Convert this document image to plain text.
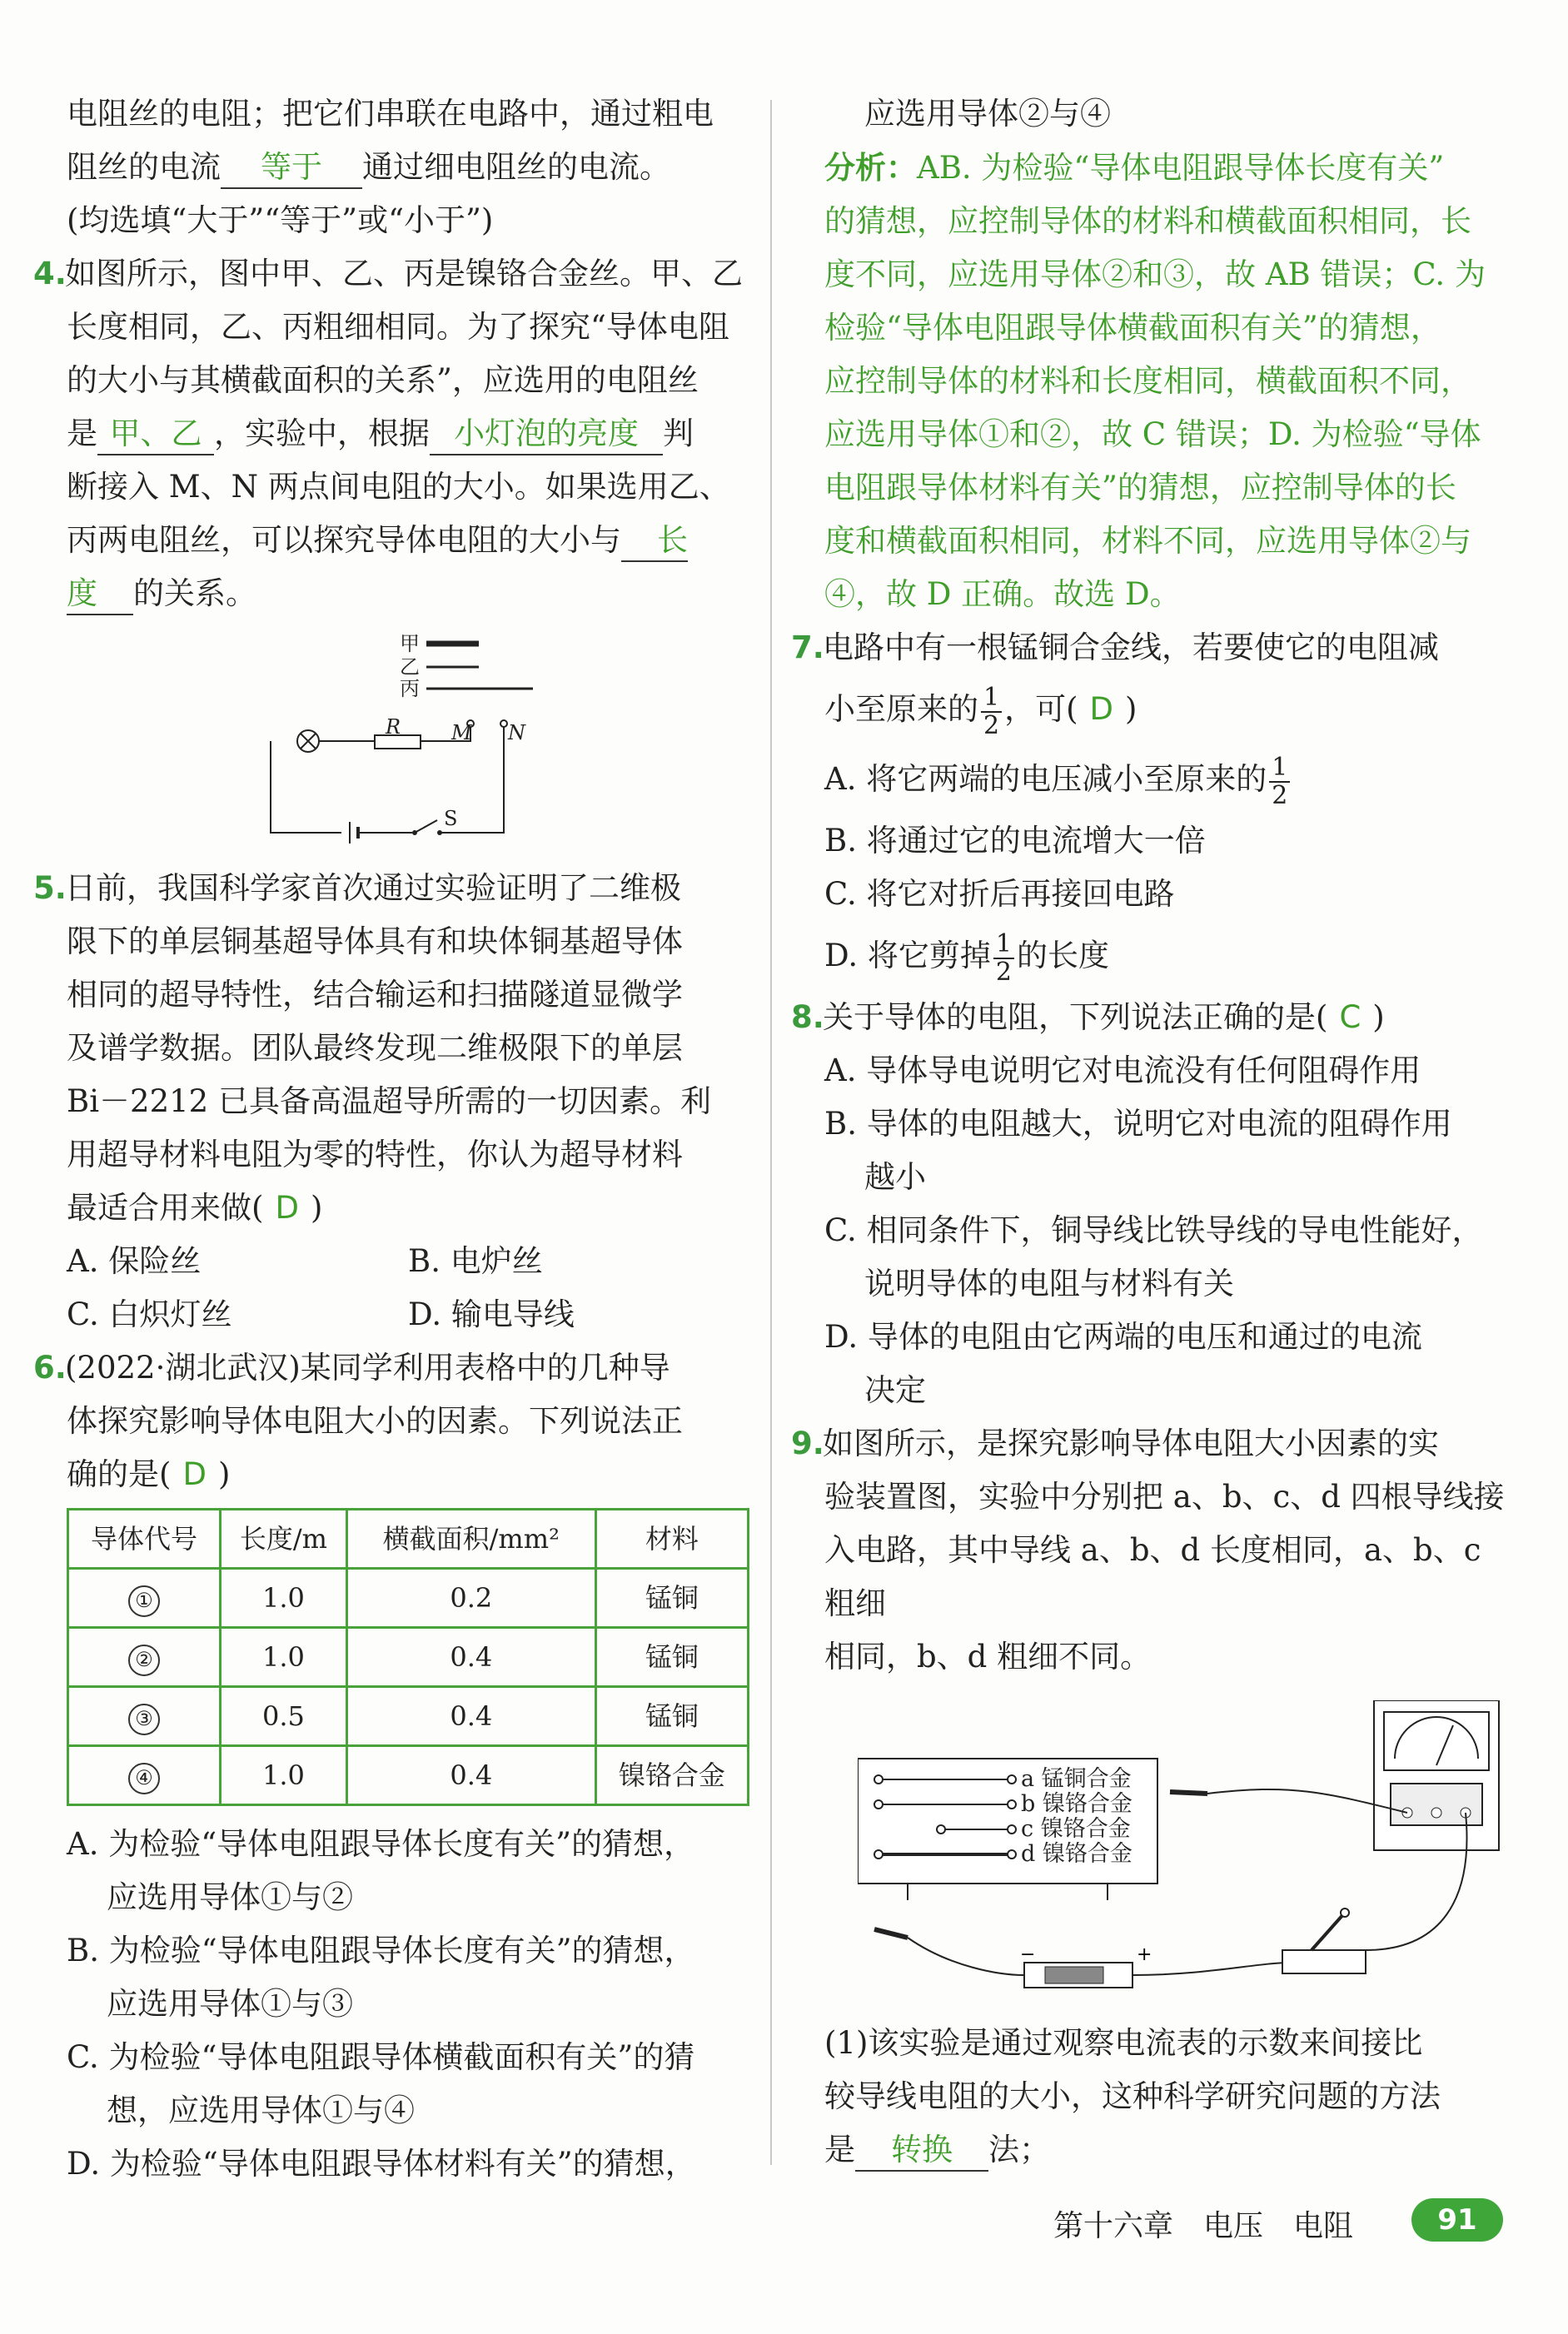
电阻丝的电阻；把它们串联在电路中，通过粗电

阻丝的电流 等于 通过细电阻丝的电流。

(均选填“大于”“等于”或“小于”)

4.如图所示，图中甲、乙、丙是镍铬合金丝。甲、乙

长度相同，乙、丙粗细相同。为了探究“导体电阻

的大小与其横截面积的关系”，应选用的电阻丝

是 甲、乙 ，实验中，根据 小灯泡的亮度 判

断接入 M、N 两点间电阻的大小。如果选用乙、

丙两电阻丝，可以探究导体电阻的大小与 长

度 的关系。

甲
乙
丙
M N
R
S

5.日前，我国科学家首次通过实验证明了二维极

限下的单层铜基超导体具有和块体铜基超导体

相同的超导特性，结合输运和扫描隧道显微学

及谱学数据。团队最终发现二维极限下的单层

Bi－2212 已具备高温超导所需的一切因素。利

用超导材料电阻为零的特性，你认为超导材料

最适合用来做( D )

A. 保险丝	B. 电炉丝

C. 白炽灯丝	D. 输电导线

6.(2022·湖北武汉)某同学利用表格中的几种导

体探究影响导体电阻大小的因素。下列说法正

确的是( D )

导体代号	长度/m	横截面积/mm²	材料
①	1.0	0.2	锰铜
②	1.0	0.4	锰铜
③	0.5	0.4	锰铜
④	1.0	0.4	镍铬合金

A. 为检验“导体电阻跟导体长度有关”的猜想，

应选用导体①与②

B. 为检验“导体电阻跟导体长度有关”的猜想，

应选用导体①与③

C. 为检验“导体电阻跟导体横截面积有关”的猜

想，应选用导体①与④

D. 为检验“导体电阻跟导体材料有关”的猜想，

应选用导体②与④

分析：AB. 为检验“导体电阻跟导体长度有关”

的猜想，应控制导体的材料和横截面积相同，长

度不同，应选用导体②和③，故 AB 错误；C. 为

检验“导体电阻跟导体横截面积有关”的猜想，

应控制导体的材料和长度相同，横截面积不同，

应选用导体①和②，故 C 错误；D. 为检验“导体

电阻跟导体材料有关”的猜想，应控制导体的长

度和横截面积相同，材料不同，应选用导体②与

④，故 D 正确。故选 D。

7.电路中有一根锰铜合金线，若要使它的电阻减

小至原来的 $\frac{1}{2}$ ，可( D )

A. 将它两端的电压减小至原来的 $\frac{1}{2}$

B. 将通过它的电流增大一倍

C. 将它对折后再接回电路

D. 将它剪掉 $\frac{1}{2}$ 的长度

8.关于导体的电阻，下列说法正确的是( C )

A. 导体导电说明它对电流没有任何阻碍作用

B. 导体的电阻越大，说明它对电流的阻碍作用

越小

C. 相同条件下，铜导线比铁导线的导电性能好，

说明导体的电阻与材料有关

D. 导体的电阻由它两端的电压和通过的电流

决定

9.如图所示，是探究影响导体电阻大小因素的实

验装置图，实验中分别把 a、b、c、d 四根导线接

入电路，其中导线 a、b、d 长度相同，a、b、c 粗细

相同，b、d 粗细不同。

a 锰铜合金
b 镍铬合金
c 镍铬合金
d 镍铬合金
−	+

(1)该实验是通过观察电流表的示数来间接比

较导线电阻的大小，这种科学研究问题的方法

是 转换 法；

第十六章　电压　电阻	91
